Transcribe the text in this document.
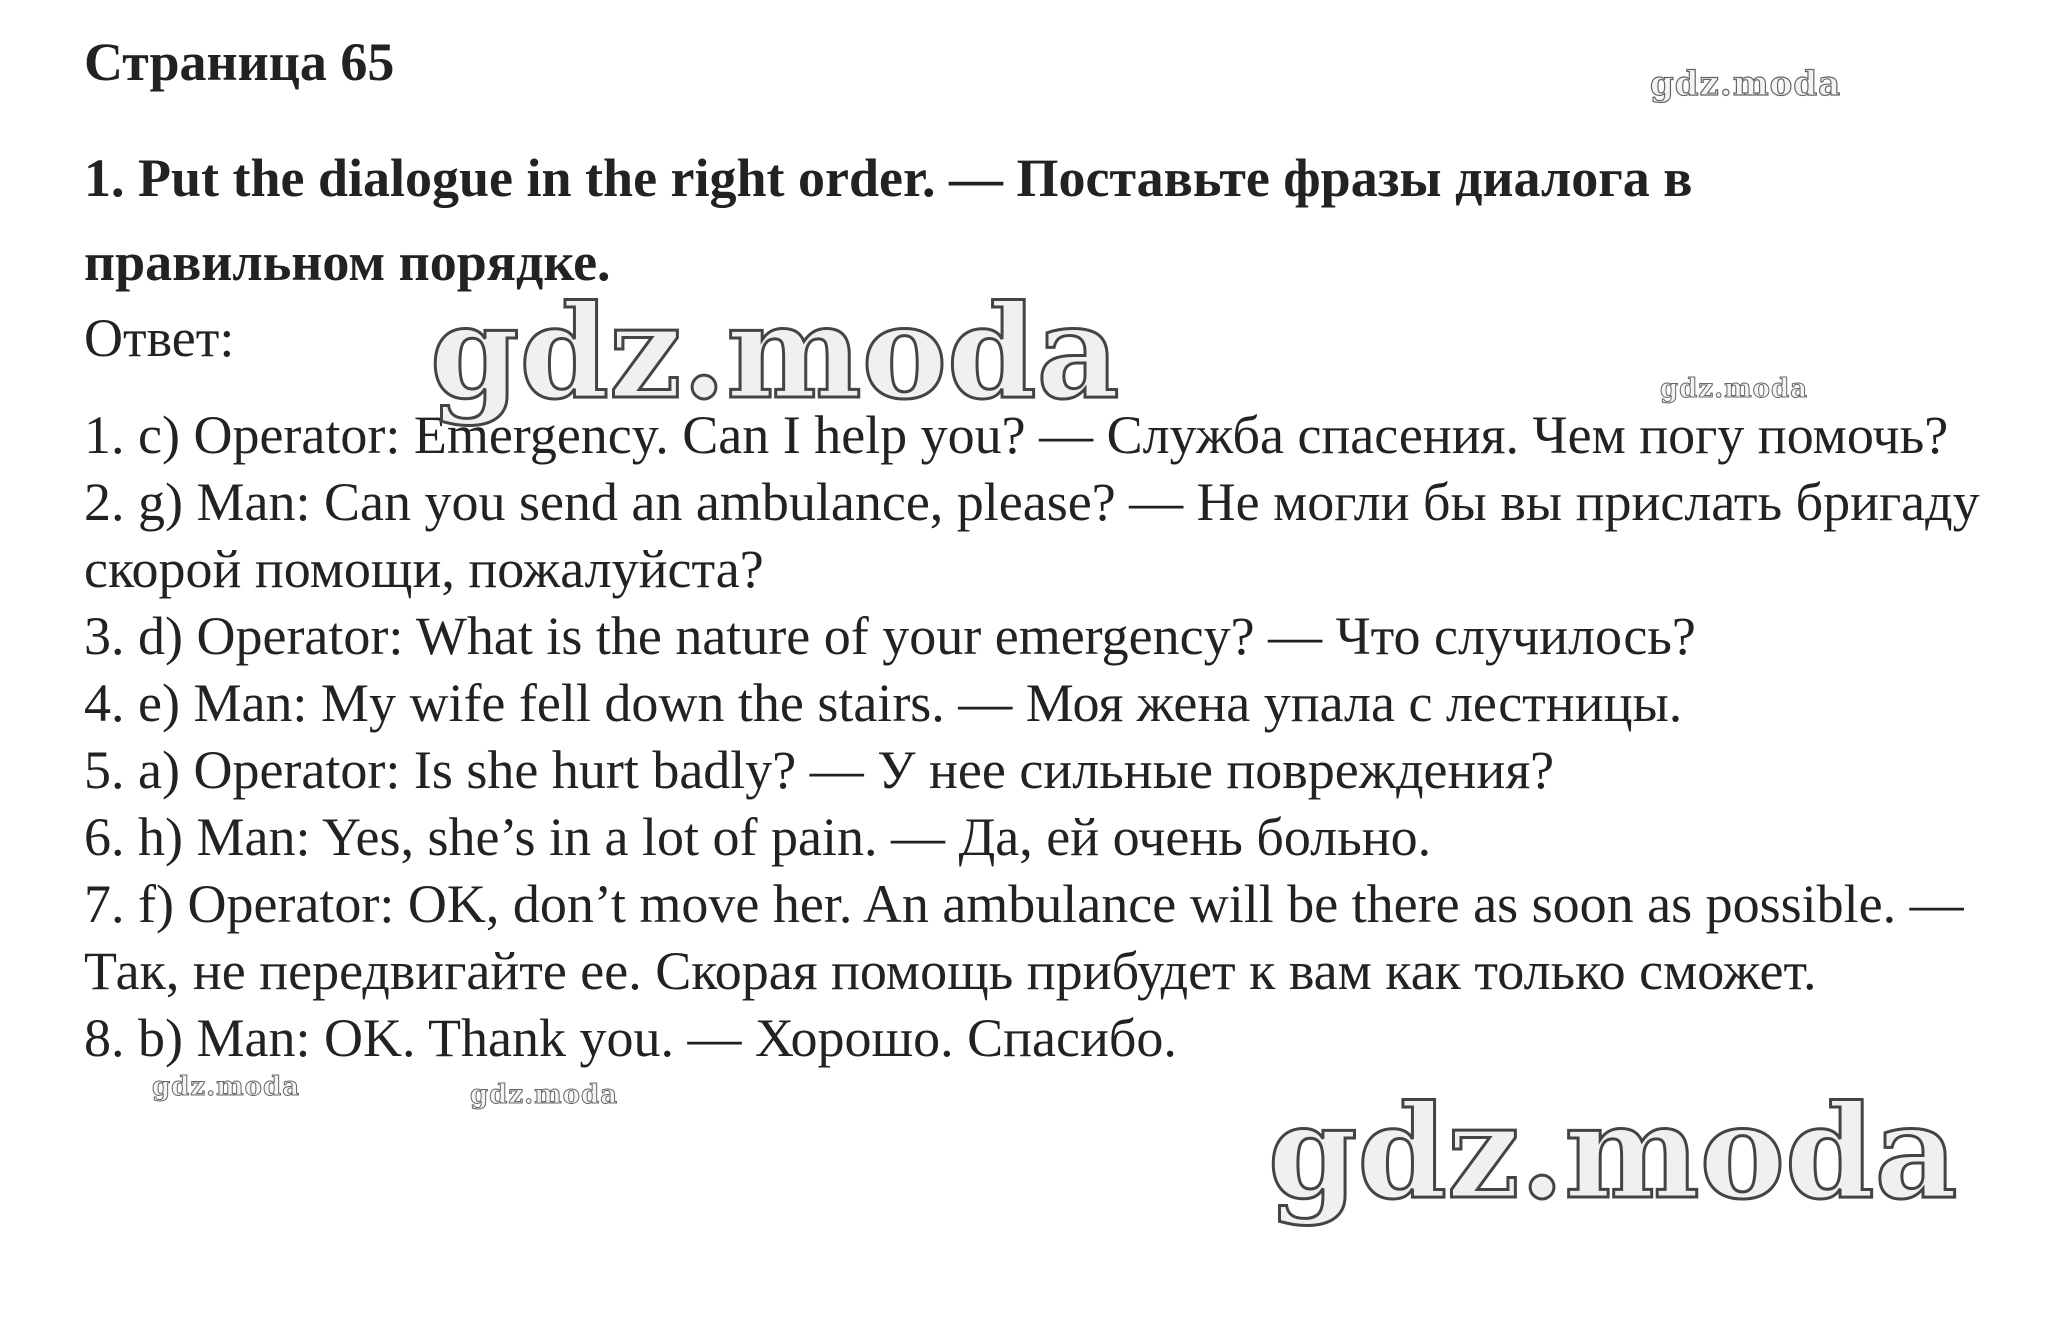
Страница 65
1. Put the dialogue in the right order. — Поставьте фразы диалога в правильном порядке.

Ответ:

1. c) Operator: Emergency. Can I help you? — Служба спасения. Чем погу помочь?
2. g) Man: Can you send an ambulance, please? — Не могли бы вы прислать бригаду скорой помощи, пожалуйста?
3. d) Operator: What is the nature of your emergency? — Что случилось?
4. e) Man: My wife fell down the stairs. — Моя жена упала с лестницы.
5. a) Operator: Is she hurt badly? — У нее сильные повреждения?
6. h) Man: Yes, she’s in a lot of pain. — Да, ей очень больно.
7. f) Operator: OK, don’t move her. An ambulance will be there as soon as possible. — Так, не передвигайте ее. Скорая помощь прибудет к вам как только сможет.
8. b) Man: OK. Thank you. — Хорошо. Спасибо.
gdz.moda
gdz.moda	gdz.moda
gdz.moda	gdz.moda	gdz.moda
